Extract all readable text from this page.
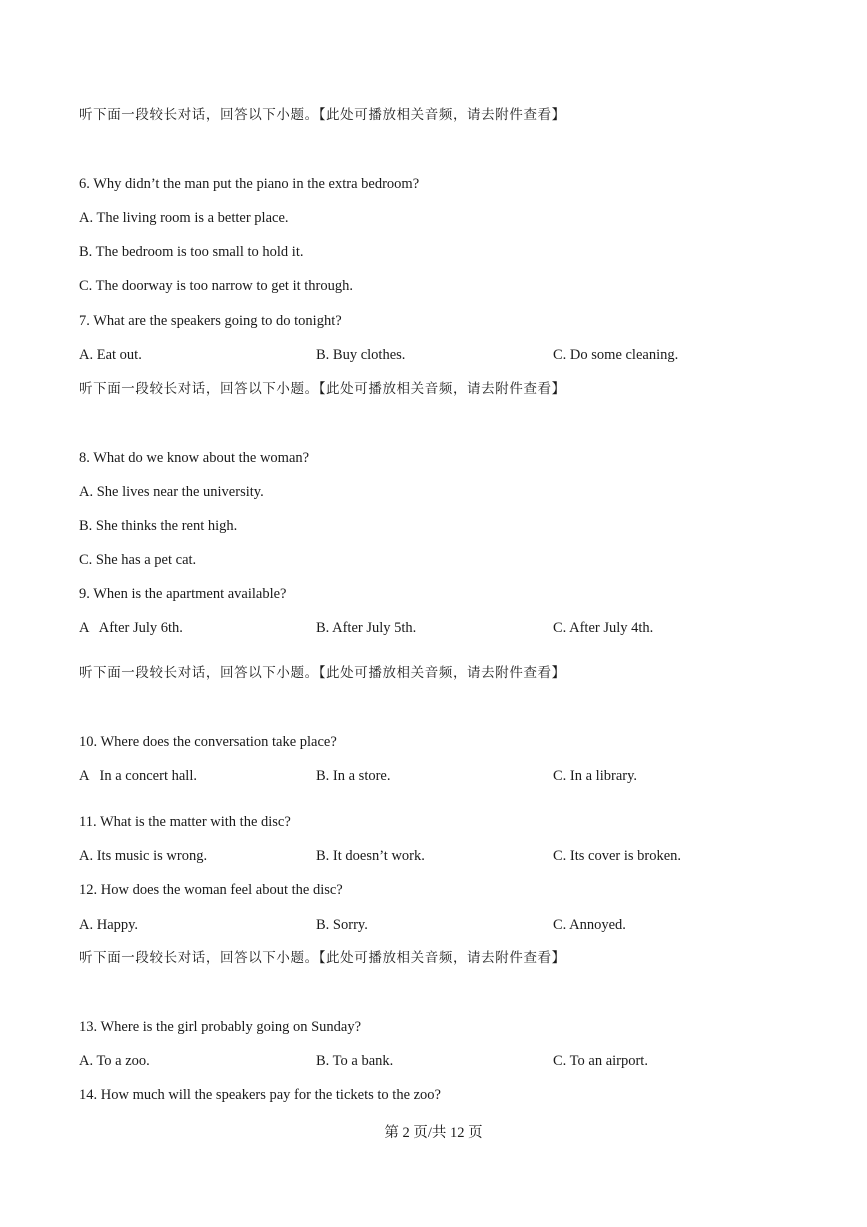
听下面一段较长对话，回答以下小题。【此处可播放相关音频，请去附件查看】
6. Why didn’t the man put the piano in the extra bedroom?
A. The living room is a better place.
B. The bedroom is too small to hold it.
C. The doorway is too narrow to get it through.
7. What are the speakers going to do tonight?
A. Eat out.	B. Buy clothes.	C. Do some cleaning.
听下面一段较长对话，回答以下小题。【此处可播放相关音频，请去附件查看】
8. What do we know about the woman?
A. She lives near the university.
B. She thinks the rent high.
C. She has a pet cat.
9. When is the apartment available?
A   After July 6th.	B. After July 5th.	C. After July 4th.
听下面一段较长对话，回答以下小题。【此处可播放相关音频，请去附件查看】
10. Where does the conversation take place?
A   In a concert hall.	B. In a store.	C. In a library.
11. What is the matter with the disc?
A. Its music is wrong.	B. It doesn’t work.	C. Its cover is broken.
12. How does the woman feel about the disc?
A. Happy.	B. Sorry.	C. Annoyed.
听下面一段较长对话，回答以下小题。【此处可播放相关音频，请去附件查看】
13. Where is the girl probably going on Sunday?
A. To a zoo.	B. To a bank.	C. To an airport.
14. How much will the speakers pay for the tickets to the zoo?
第 2 页/共 12 页
